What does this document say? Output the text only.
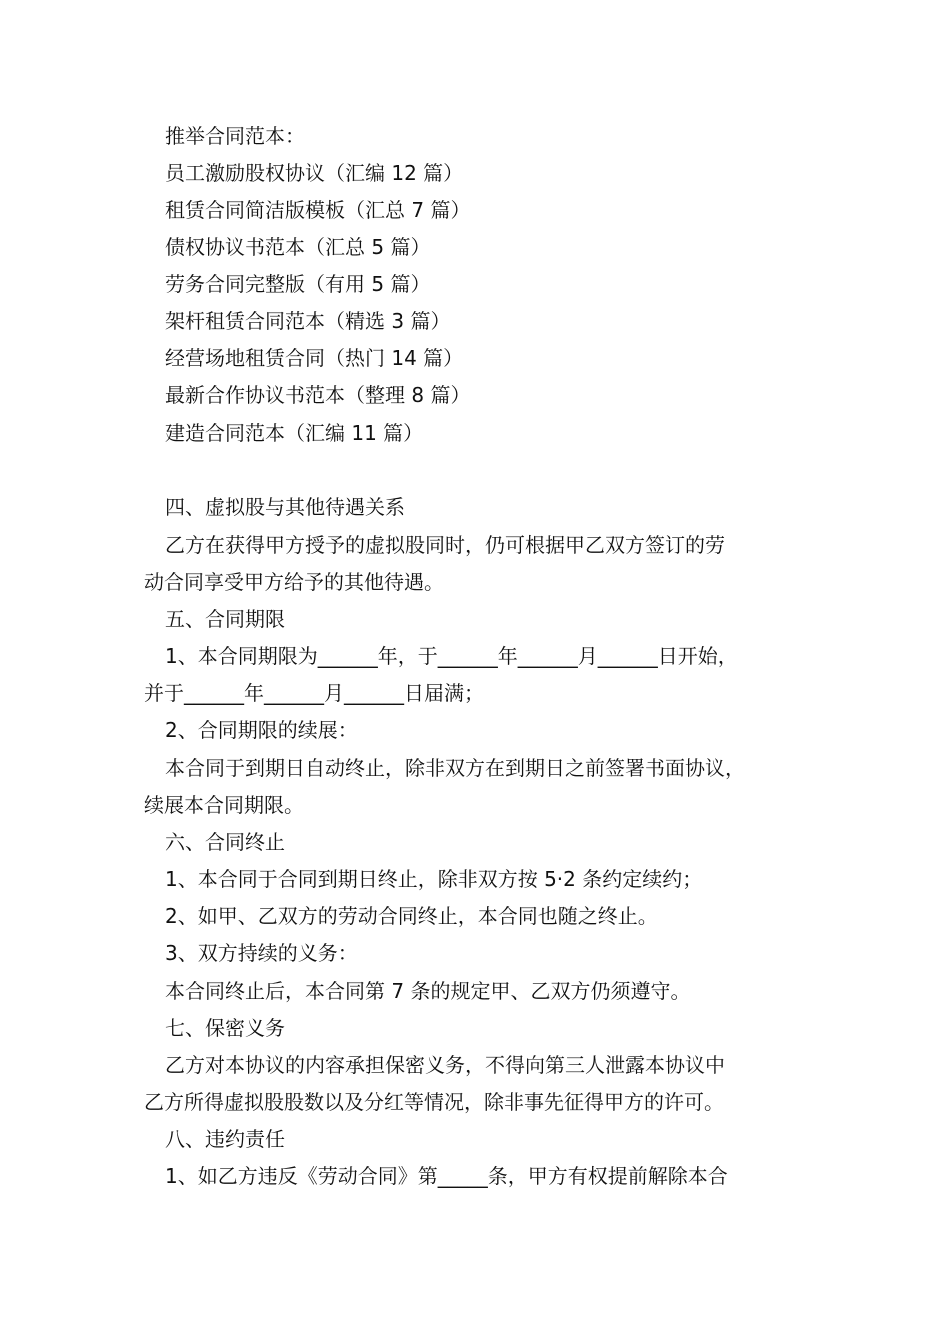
推举合同范本：
员工激励股权协议（汇编 12 篇）
租赁合同简洁版模板（汇总 7 篇）
债权协议书范本（汇总 5 篇）
劳务合同完整版（有用 5 篇）
架杆租赁合同范本（精选 3 篇）
经营场地租赁合同（热门 14 篇）
最新合作协议书范本（整理 8 篇）
建造合同范本（汇编 11 篇）
四、虚拟股与其他待遇关系
乙方在获得甲方授予的虚拟股同时，仍可根据甲乙双方签订的劳
动合同享受甲方给予的其他待遇。
五、合同期限
1、本合同期限为______年，于______年______月______日开始，
并于______年______月______日届满；
2、合同期限的续展：
本合同于到期日自动终止，除非双方在到期日之前签署书面协议，
续展本合同期限。
六、合同终止
1、本合同于合同到期日终止，除非双方按 5·2 条约定续约；
2、如甲、乙双方的劳动合同终止，本合同也随之终止。
3、双方持续的义务：
本合同终止后，本合同第 7 条的规定甲、乙双方仍须遵守。
七、保密义务
乙方对本协议的内容承担保密义务，不得向第三人泄露本协议中
乙方所得虚拟股股数以及分红等情况，除非事先征得甲方的许可。
八、违约责任
1、如乙方违反《劳动合同》第_____条，甲方有权提前解除本合
